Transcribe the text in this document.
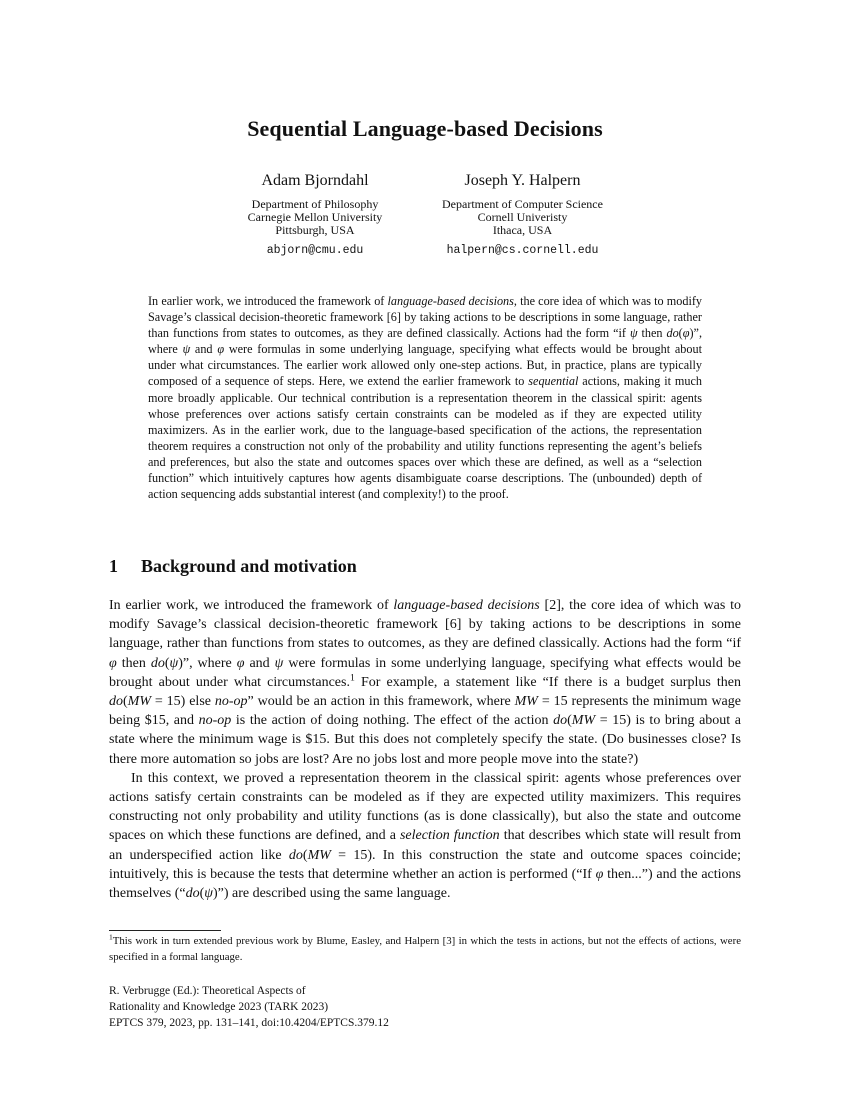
Sequential Language-based Decisions
Adam Bjorndahl
Department of Philosophy
Carnegie Mellon University
Pittsburgh, USA
abjorn@cmu.edu
Joseph Y. Halpern
Department of Computer Science
Cornell Univeristy
Ithaca, USA
halpern@cs.cornell.edu
In earlier work, we introduced the framework of language-based decisions, the core idea of which was to modify Savage’s classical decision-theoretic framework [6] by taking actions to be descriptions in some language, rather than functions from states to outcomes, as they are defined classically. Actions had the form “if ψ then do(φ)”, where ψ and φ were formulas in some underlying language, specifying what effects would be brought about under what circumstances. The earlier work allowed only one-step actions. But, in practice, plans are typically composed of a sequence of steps. Here, we extend the earlier framework to sequential actions, making it much more broadly applicable. Our technical contribution is a representation theorem in the classical spirit: agents whose preferences over actions satisfy certain constraints can be modeled as if they are expected utility maximizers. As in the earlier work, due to the language-based specification of the actions, the representation theorem requires a construction not only of the probability and utility functions representing the agent’s beliefs and preferences, but also the state and outcomes spaces over which these are defined, as well as a “selection function” which intuitively captures how agents disambiguate coarse descriptions. The (unbounded) depth of action sequencing adds substantial interest (and complexity!) to the proof.
1 Background and motivation

In earlier work, we introduced the framework of language-based decisions [2], the core idea of which was to modify Savage’s classical decision-theoretic framework [6] by taking actions to be descriptions in some language, rather than functions from states to outcomes, as they are defined classically. Actions had the form “if φ then do(ψ)”, where φ and ψ were formulas in some underlying language, specifying what effects would be brought about under what circumstances.$^1$ For example, a statement like “If there is a budget surplus then do(MW = 15) else no-op” would be an action in this framework, where MW = 15 represents the minimum wage being $15, and no-op is the action of doing nothing. The effect of the action do(MW = 15) is to bring about a state where the minimum wage is $15. But this does not completely specify the state. (Do businesses close? Is there more automation so jobs are lost? Are no jobs lost and more people move into the state?)

In this context, we proved a representation theorem in the classical spirit: agents whose preferences over actions satisfy certain constraints can be modeled as if they are expected utility maximizers. This requires constructing not only probability and utility functions (as is done classically), but also the state and outcome spaces on which these functions are defined, and a selection function that describes which state will result from an underspecified action like do(MW = 15). In this construction the state and outcome spaces coincide; intuitively, this is because the tests that determine whether an action is performed (“If φ then...”) and the actions themselves (“do(ψ)”) are described using the same language.

$^1$This work in turn extended previous work by Blume, Easley, and Halpern [3] in which the tests in actions, but not the effects of actions, were specified in a formal language.
R. Verbrugge (Ed.): Theoretical Aspects of
Rationality and Knowledge 2023 (TARK 2023)
EPTCS 379, 2023, pp. 131–141, doi:10.4204/EPTCS.379.12
